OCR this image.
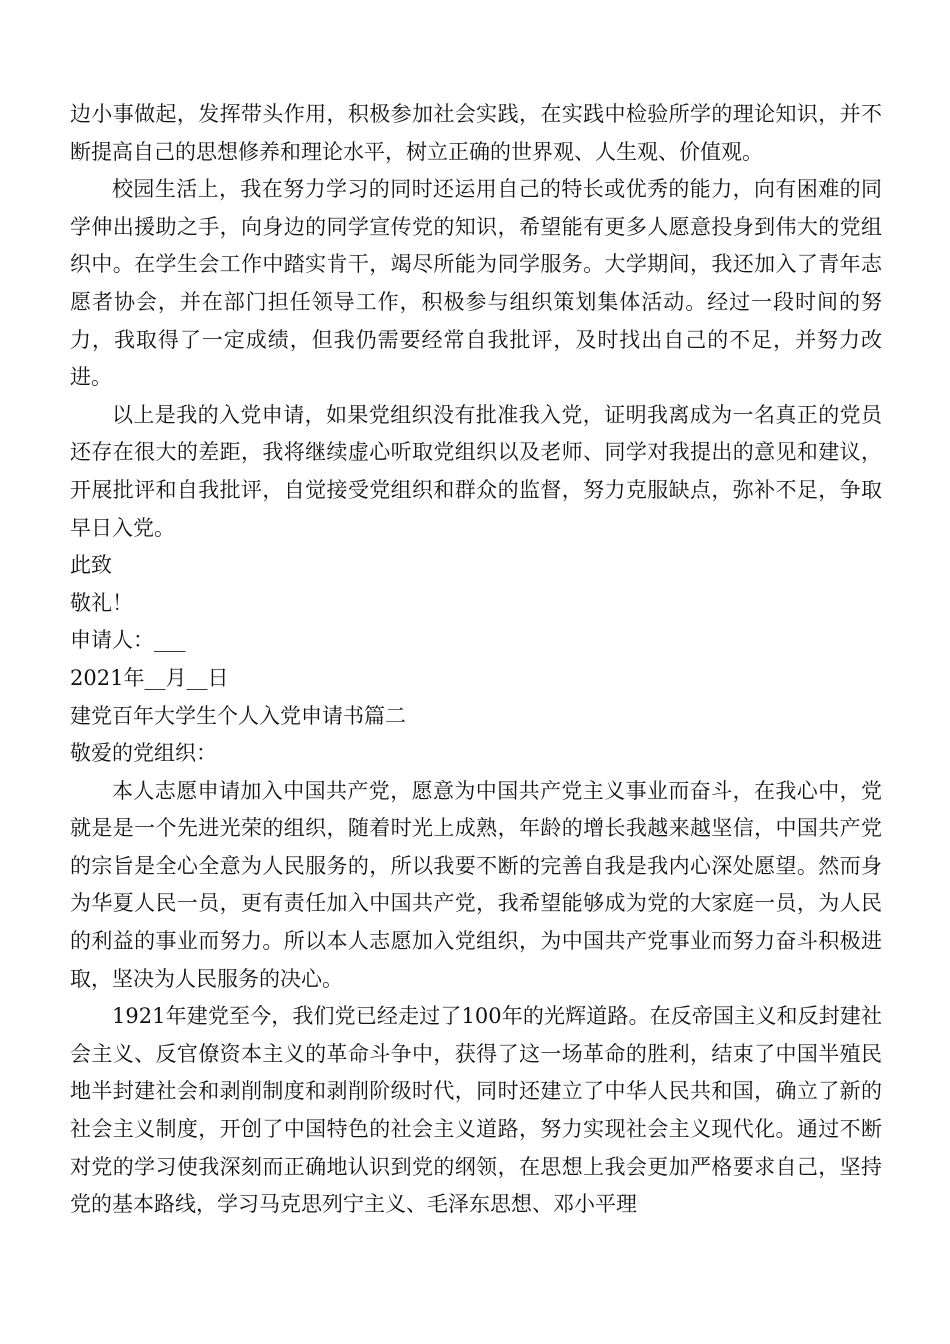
边小事做起，发挥带头作用，积极参加社会实践，在实践中检验所学的理论知识，并不断提高自己的思想修养和理论水平，树立正确的世界观、人生观、价值观。

校园生活上，我在努力学习的同时还运用自己的特长或优秀的能力，向有困难的同学伸出援助之手，向身边的同学宣传党的知识，希望能有更多人愿意投身到伟大的党组织中。在学生会工作中踏实肯干，竭尽所能为同学服务。大学期间，我还加入了青年志愿者协会，并在部门担任领导工作，积极参与组织策划集体活动。经过一段时间的努力，我取得了一定成绩，但我仍需要经常自我批评，及时找出自己的不足，并努力改进。

以上是我的入党申请，如果党组织没有批准我入党，证明我离成为一名真正的党员还存在很大的差距，我将继续虚心听取党组织以及老师、同学对我提出的意见和建议，开展批评和自我批评，自觉接受党组织和群众的监督，努力克服缺点，弥补不足，争取早日入党。

此致

敬礼！

申请人：___

2021年__月__日

建党百年大学生个人入党申请书篇二

敬爱的党组织：

本人志愿申请加入中国共产党，愿意为中国共产党主义事业而奋斗，在我心中，党就是是一个先进光荣的组织，随着时光上成熟，年龄的增长我越来越坚信，中国共产党的宗旨是全心全意为人民服务的，所以我要不断的完善自我是我内心深处愿望。然而身为华夏人民一员，更有责任加入中国共产党，我希望能够成为党的大家庭一员，为人民的利益的事业而努力。所以本人志愿加入党组织，为中国共产党事业而努力奋斗积极进取，坚决为人民服务的决心。

1921年建党至今，我们党已经走过了100年的光辉道路。在反帝国主义和反封建社会主义、反官僚资本主义的革命斗争中，获得了这一场革命的胜利，结束了中国半殖民地半封建社会和剥削制度和剥削阶级时代，同时还建立了中华人民共和国，确立了新的社会主义制度，开创了中国特色的社会主义道路，努力实现社会主义现代化。通过不断对党的学习使我深刻而正确地认识到党的纲领，在思想上我会更加严格要求自己，坚持党的基本路线，学习马克思列宁主义、毛泽东思想、邓小平理
